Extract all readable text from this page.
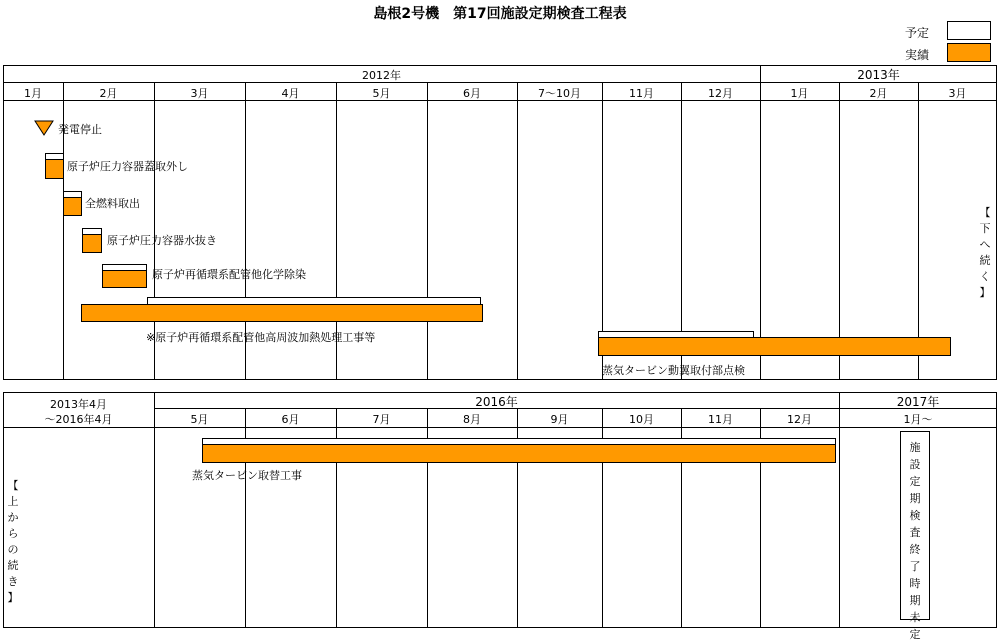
島根2号機　第17回施設定期検査工程表
予定
実績
2012年	2013年
1月	2月	3月	4月	5月	6月	7～10月	11月	12月	1月	2月	3月
発電停止
原子炉圧力容器蓋取外し
全燃料取出
原子炉圧力容器水抜き
原子炉再循環系配管他化学除染
※原子炉再循環系配管他高周波加熱処理工事等
蒸気タービン動翼取付部点検
【
下
へ
続
く
】
2013年4月
～2016年4月
2016年	2017年
5月	6月	7月	8月	9月	10月	11月	12月	1月～
蒸気タービン取替工事
【
上
か
ら
の
続
き
】
施
設
定
期
検
査
終
了
時
期
未
定
